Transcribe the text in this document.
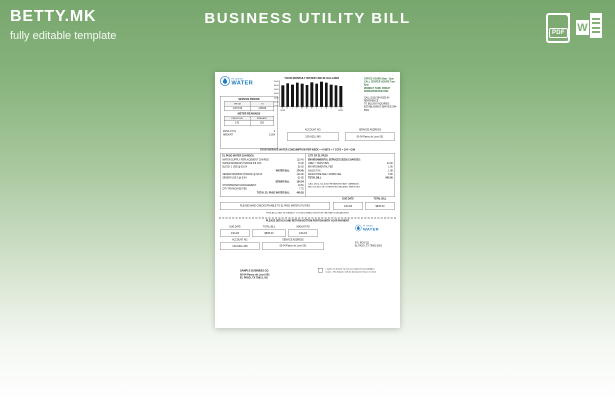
BETTY.MK
fully editable template
BUSINESS UTILITY BILL
PDF W
el paso
WATER
YOUR MONTHLY WATER USE IN GALLONS
7000
6000
5000
4000
3000
2000
1000
N D J F M A M J J A S O N
2019	2020
OFFICE HOURS 8am - 5pm
CALL CENTER HOURS 7am - 6pm
MONDAY THRU FRIDAY
WWW.EPWATER.ORG
CALL (915) 594-5500 IN REFERENCE
TO BILLING INQUIRIES
ESTABLISHING SERVICE 594-5501
SERVICE PERIOD
FROM	TO
12/07/19	1/09/20
METER READINGS
PREVIOUS	PRESENT
142	156
ZONA CYCL	2
AREA/RT	5,204
ACCOUNT NO.
100-0011-345
SERVICE ADDRESS
00-04 Paseo de Leon 001
YOUR AVERAGE WATER CONSUMPTION PER WEEK = 4 UNITS = 7 CCFS = 124 = G/W
EL PASO WATER CHARGES:
WATER SUPPLY REPLACEMENT CHARGE	110.40
WATER MINIMUM CHARGE 5/8 CCF	74.00
BLOCK 1 USE @ $2.04	00.00
WATER BILL 174.40
SEWER MINIMUM CHARGE @ $4.04	104.00
SEWER USE 5 @ $.04	-31.80
SEWER BILL 134.34
STORMWATER MANAGEMENT	10.81
CITY FRANCHISE FEE	7.70
TOTAL EL PASO WATER BILL 440.35
CITY OF EL PASO
ENVIRONMENTAL SERVICES (ESD) CHARGES:
GREY / TRASH BIN	24.00
ENVIRONMENTAL FEE	1.06
SALES TAX	1.98
FRANCHISE FEE / ADMIN FEE	0.96
TOTAL BILL	845.00
CALL (915) 212-6000 REGARDING ANY GARBAGE,
RECYCLING OR OTHER ESD RELATED SERVICES.
DUE DATE	TOTAL BILL
PLEASE MAKE CHECKS PAYABLE TO EL PASO WATER UTILITIES	1/31/20	$845.00
THIS ACCOUNT IS SUBJECT TO DISCONNECTION FOR THE PAST DUE AMOUNT
PLEASE DETACH AND RETURN BOTTOM PORTION WITH YOUR PAYMENT
DUE DATE	TOTAL BILL	AMOUNT PD
1/31/20	$845.00	1/01/21
ACCOUNT NO.	SERVICE ADDRESS
100-0011-345	00-04 Paseo de Leon 001
el paso
WATER
P.O. BOX 511
EL PASO, TX 79961-0001
SAMPLE BUSINESS CO.
00-04 Paseo de Leon 001
EL PASO, TX 79911, US
I agree to donate my excess payment toward Aqua
Cares. The balance will be donated to those in need.
